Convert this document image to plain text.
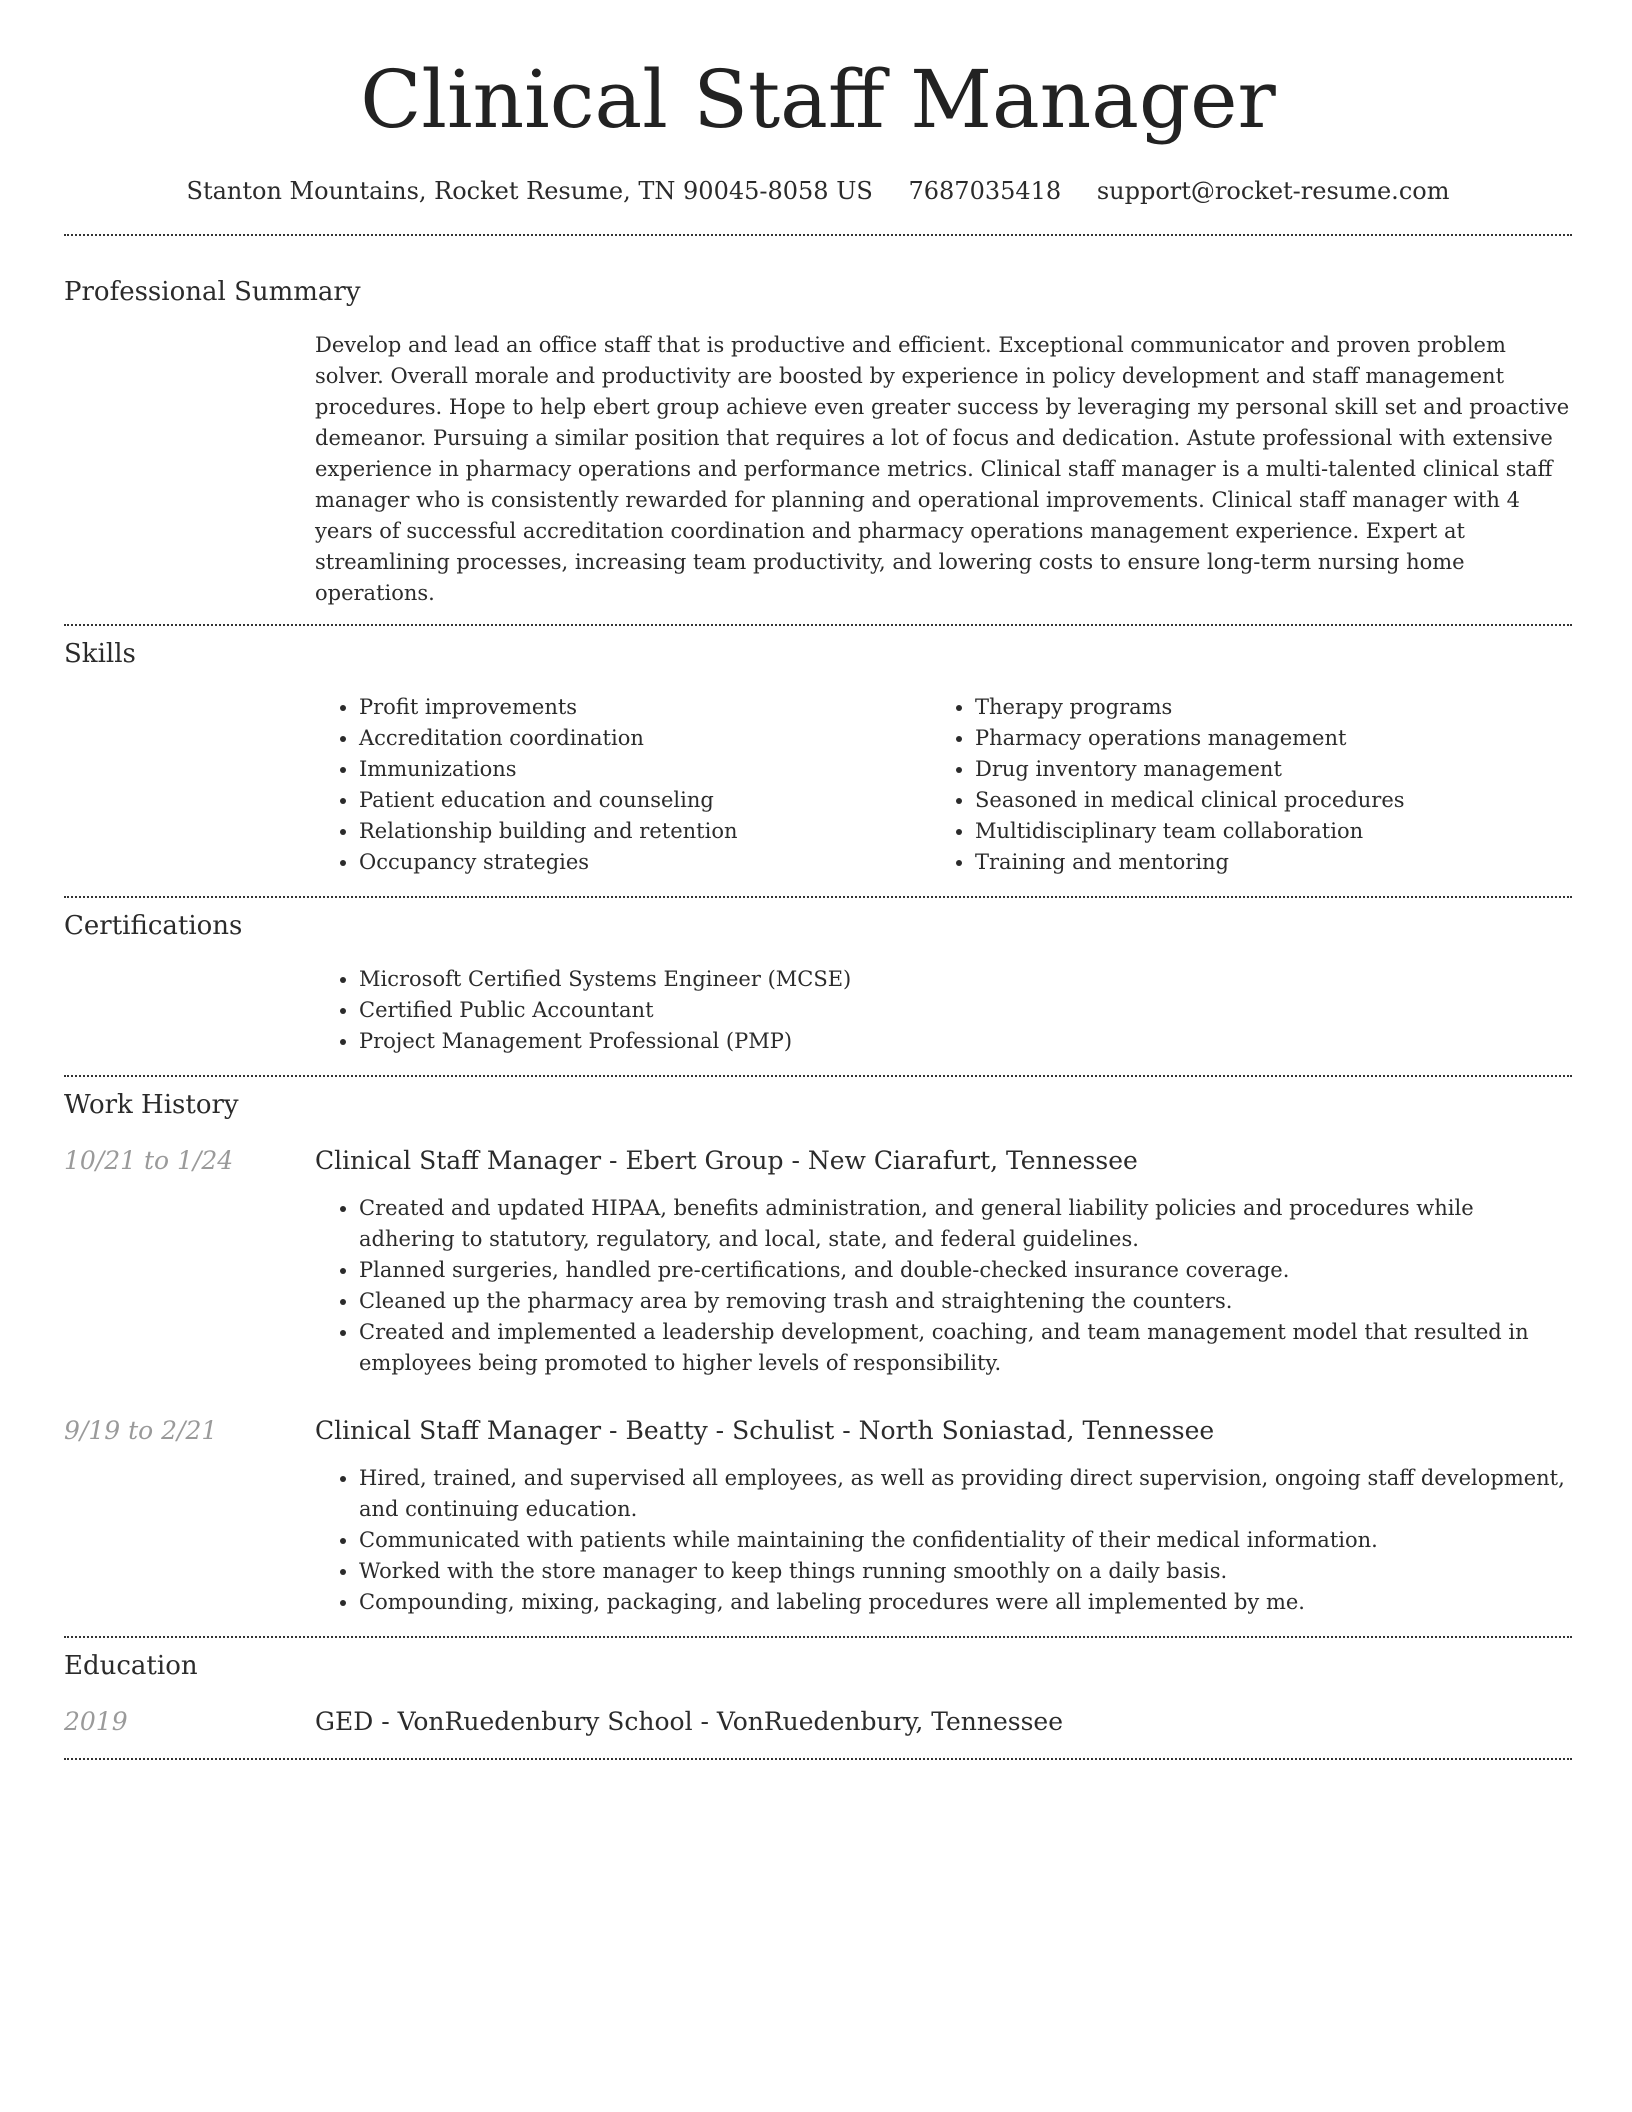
Clinical Staff Manager
Stanton Mountains, Rocket Resume, TN 90045-8058 US 7687035418 support@rocket-resume.com
Professional Summary
Develop and lead an office staff that is productive and efficient. Exceptional communicator and proven problem solver. Overall morale and productivity are boosted by experience in policy development and staff management procedures. Hope to help ebert group achieve even greater success by leveraging my personal skill set and proactive demeanor. Pursuing a similar position that requires a lot of focus and dedication. Astute professional with extensive experience in pharmacy operations and performance metrics. Clinical staff manager is a multi-talented clinical staff manager who is consistently rewarded for planning and operational improvements. Clinical staff manager with 4 years of successful accreditation coordination and pharmacy operations management experience. Expert at streamlining processes, increasing team productivity, and lowering costs to ensure long-term nursing home operations.
Skills
• Profit improvements
• Accreditation coordination
• Immunizations
• Patient education and counseling
• Relationship building and retention
• Occupancy strategies
• Therapy programs
• Pharmacy operations management
• Drug inventory management
• Seasoned in medical clinical procedures
• Multidisciplinary team collaboration
• Training and mentoring
Certifications
• Microsoft Certified Systems Engineer (MCSE)
• Certified Public Accountant
• Project Management Professional (PMP)
Work History
10/21 to 1/24	Clinical Staff Manager - Ebert Group - New Ciarafurt, Tennessee
• Created and updated HIPAA, benefits administration, and general liability policies and procedures while adhering to statutory, regulatory, and local, state, and federal guidelines.
• Planned surgeries, handled pre-certifications, and double-checked insurance coverage.
• Cleaned up the pharmacy area by removing trash and straightening the counters.
• Created and implemented a leadership development, coaching, and team management model that resulted in employees being promoted to higher levels of responsibility.
9/19 to 2/21	Clinical Staff Manager - Beatty - Schulist - North Soniastad, Tennessee
• Hired, trained, and supervised all employees, as well as providing direct supervision, ongoing staff development, and continuing education.
• Communicated with patients while maintaining the confidentiality of their medical information.
• Worked with the store manager to keep things running smoothly on a daily basis.
• Compounding, mixing, packaging, and labeling procedures were all implemented by me.
Education
2019	GED - VonRuedenbury School - VonRuedenbury, Tennessee
